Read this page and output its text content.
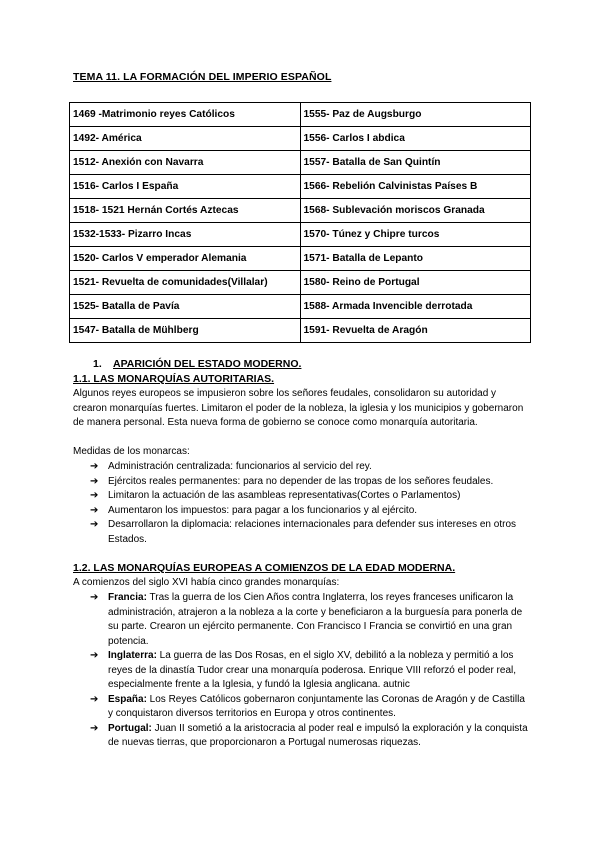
TEMA 11. LA FORMACIÓN DEL IMPERIO ESPAÑOL
1469 -Matrimonio reyes Católicos	1555- Paz de Augsburgo
1492- América	1556- Carlos I abdica
1512- Anexión con Navarra	1557- Batalla de San Quintín
1516- Carlos I España	1566- Rebelión Calvinistas Países B
1518- 1521 Hernán Cortés Aztecas	1568- Sublevación moriscos Granada
1532-1533- Pizarro Incas	1570- Túnez y Chipre turcos
1520- Carlos V emperador Alemania	1571- Batalla de Lepanto
1521- Revuelta de comunidades(Villalar)	1580- Reino de Portugal
1525- Batalla de Pavía	1588- Armada Invencible derrotada
1547- Batalla de Mühlberg	1591- Revuelta de Aragón
1. APARICIÓN DEL ESTADO MODERNO.
1.1. LAS MONARQUÍAS AUTORITARIAS.
Algunos reyes europeos se impusieron sobre los señores feudales, consolidaron su autoridad y crearon monarquías fuertes. Limitaron el poder de la nobleza, la iglesia y los municipios y gobernaron de manera personal. Esta nueva forma de gobierno se conoce como monarquía autoritaria.
Medidas de los monarcas:
➔ Administración centralizada: funcionarios al servicio del rey.
➔ Ejércitos reales permanentes: para no depender de las tropas de los señores feudales.
➔ Limitaron la actuación de las asambleas representativas(Cortes o Parlamentos)
➔ Aumentaron los impuestos: para pagar a los funcionarios y al ejército.
➔ Desarrollaron la diplomacia: relaciones internacionales para defender sus intereses en otros Estados.
1.2. LAS MONARQUÍAS EUROPEAS A COMIENZOS DE LA EDAD MODERNA.
A comienzos del siglo XVI había cinco grandes monarquías:
➔ Francia: Tras la guerra de los Cien Años contra Inglaterra, los reyes franceses unificaron la administración, atrajeron a la nobleza a la corte y beneficiaron a la burguesía para ponerla de su parte. Crearon un ejército permanente. Con Francisco I Francia se convirtió en una gran potencia.
➔ Inglaterra: La guerra de las Dos Rosas, en el siglo XV, debilitó a la nobleza y permitió a los reyes de la dinastía Tudor crear una monarquía poderosa. Enrique VIII reforzó el poder real, especialmente frente a la Iglesia, y fundó la Iglesia anglicana. autnic
➔ España: Los Reyes Católicos gobernaron conjuntamente las Coronas de Aragón y de Castilla y conquistaron diversos territorios en Europa y otros continentes.
➔ Portugal: Juan II sometió a la aristocracia al poder real e impulsó la exploración y la conquista de nuevas tierras, que proporcionaron a Portugal numerosas riquezas.
